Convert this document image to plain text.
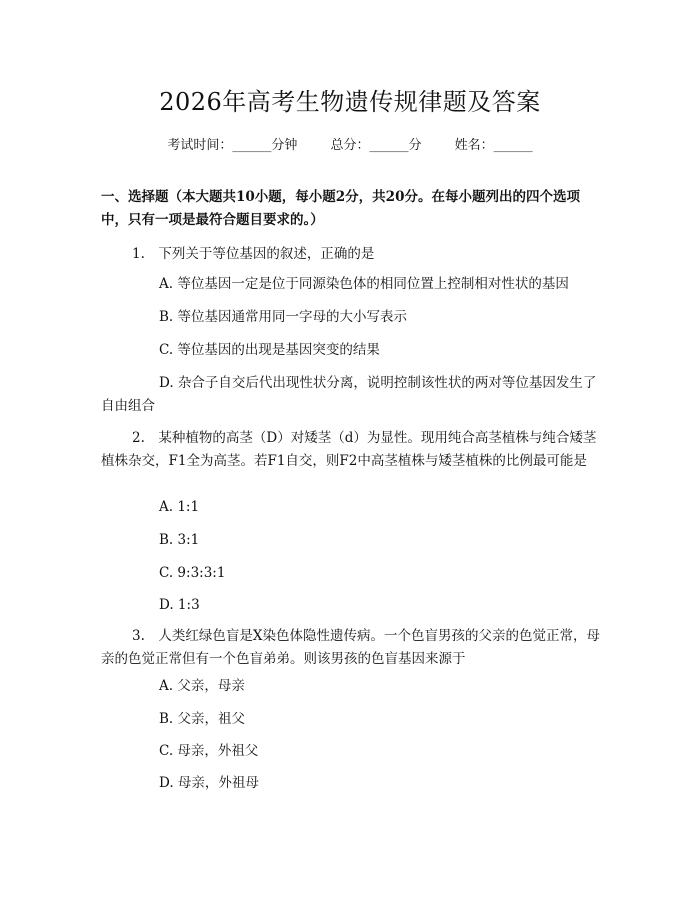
2026年高考生物遗传规律题及答案
考试时间：______分钟	总分：______分	姓名：______
一、选择题（本大题共10小题，每小题2分，共20分。在每小题列出的四个选项中，只有一项是最符合题目要求的。）
1.　下列关于等位基因的叙述，正确的是
A. 等位基因一定是位于同源染色体的相同位置上控制相对性状的基因
B. 等位基因通常用同一字母的大小写表示
C. 等位基因的出现是基因突变的结果
D. 杂合子自交后代出现性状分离，说明控制该性状的两对等位基因发生了自由组合
2.　某种植物的高茎（D）对矮茎（d）为显性。现用纯合高茎植株与纯合矮茎植株杂交，F1全为高茎。若F1自交，则F2中高茎植株与矮茎植株的比例最可能是
A. 1:1
B. 3:1
C. 9:3:3:1
D. 1:3
3.　人类红绿色盲是X染色体隐性遗传病。一个色盲男孩的父亲的色觉正常，母亲的色觉正常但有一个色盲弟弟。则该男孩的色盲基因来源于
A. 父亲，母亲
B. 父亲，祖父
C. 母亲，外祖父
D. 母亲，外祖母
